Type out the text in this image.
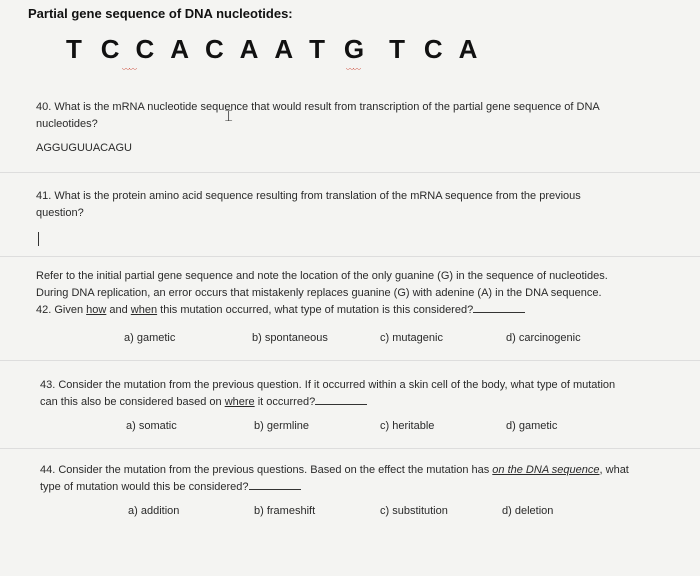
Partial gene sequence of DNA nucleotides:
T C C A C A A T G T C A
〰〰	〰〰
40. What is the mRNA nucleotide sequence that would result from transcription of the partial gene sequence of DNA
nucleotides?	𝙸
AGGUGUUACAGU
41. What is the protein amino acid sequence resulting from translation of the mRNA sequence from the previous
question?
Refer to the initial partial gene sequence and note the location of the only guanine (G) in the sequence of nucleotides.
During DNA replication, an error occurs that mistakenly replaces guanine (G) with adenine (A) in the DNA sequence.
42. Given how and when this mutation occurred, what type of mutation is this considered?
a) gametic	b) spontaneous	c) mutagenic	d) carcinogenic
43. Consider the mutation from the previous question. If it occurred within a skin cell of the body, what type of mutation
can this also be considered based on where it occurred?
a) somatic	b) germline	c) heritable	d) gametic
44. Consider the mutation from the previous questions. Based on the effect the mutation has on the DNA sequence, what
type of mutation would this be considered?
a) addition	b) frameshift	c) substitution	d) deletion
